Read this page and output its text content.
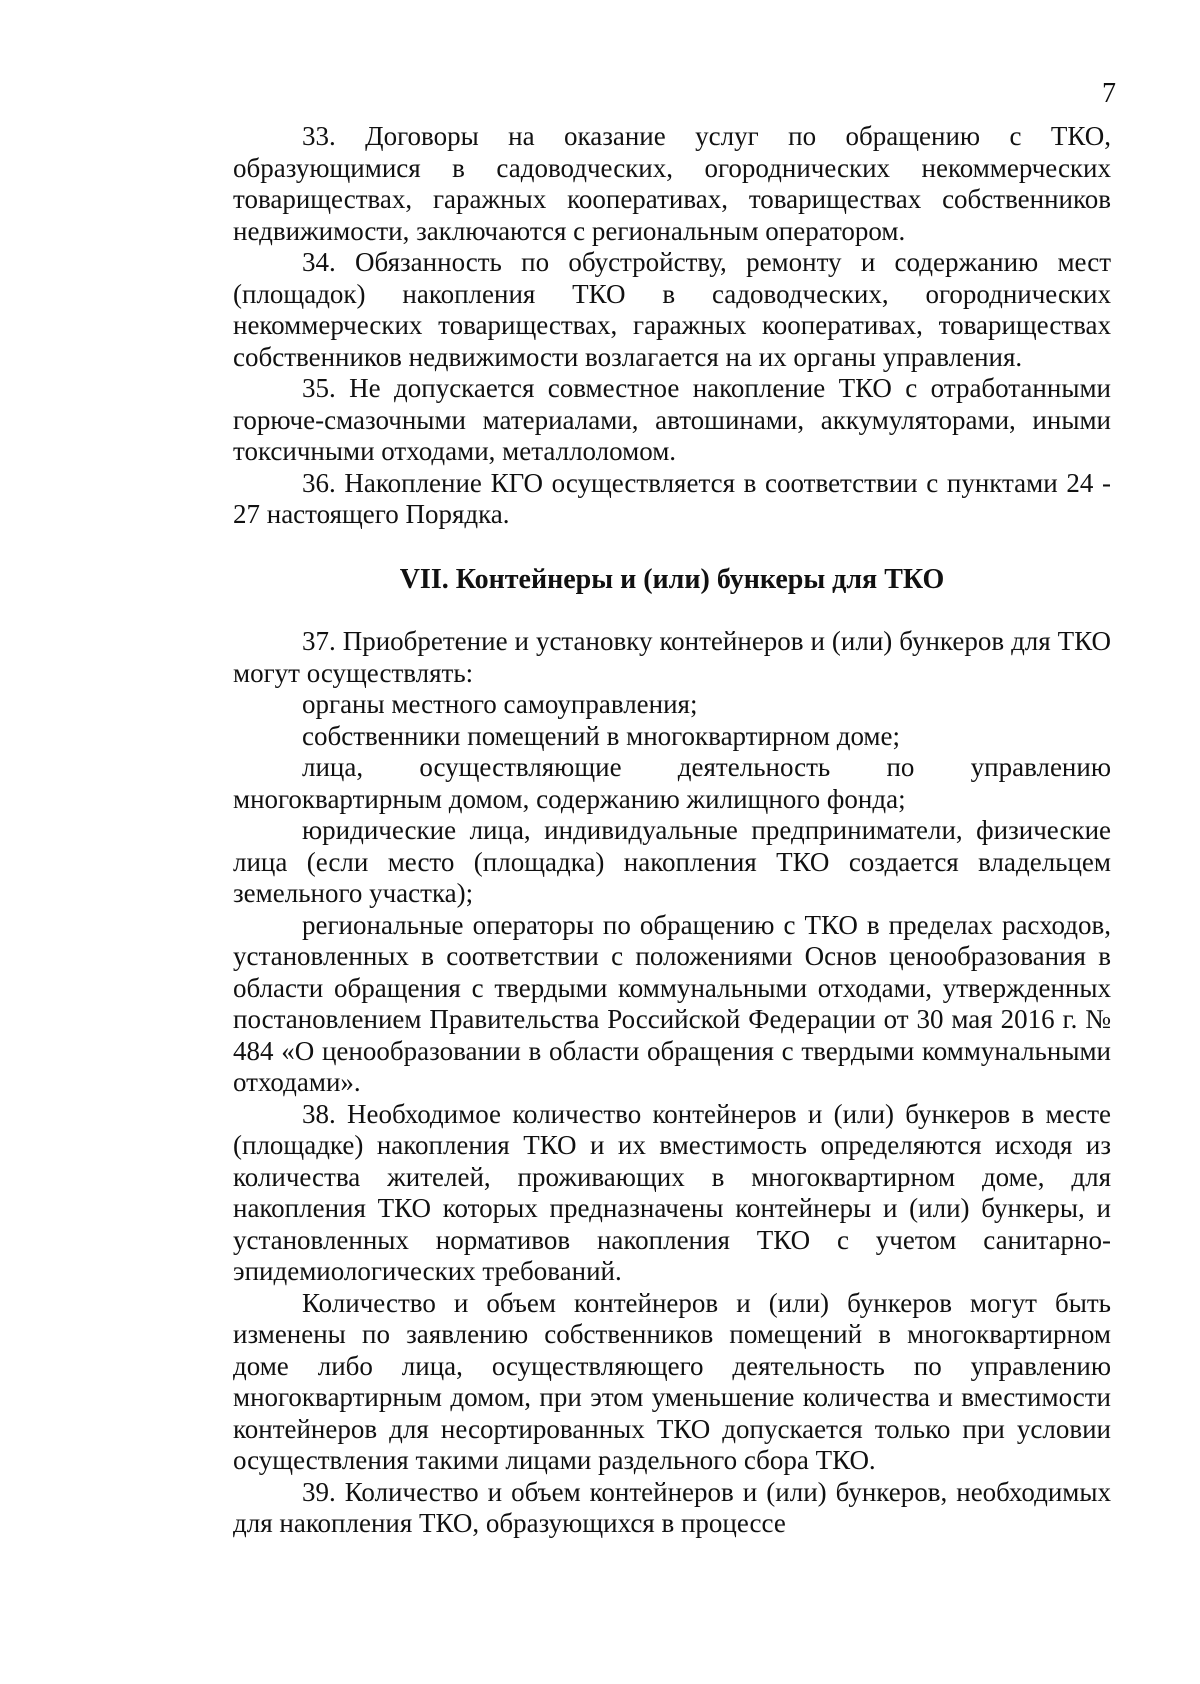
7

33. Договоры на оказание услуг по обращению с ТКО, образующимися в садоводческих, огороднических некоммерческих товариществах, гаражных кооперативах, товариществах собственников недвижимости, заключаются с региональным оператором.

34. Обязанность по обустройству, ремонту и содержанию мест (площадок) накопления ТКО в садоводческих, огороднических некоммерческих товариществах, гаражных кооперативах, товариществах собственников недвижимости возлагается на их органы управления.

35. Не допускается совместное накопление ТКО с отработанными горюче-смазочными материалами, автошинами, аккумуляторами, иными токсичными отходами, металлоломом.

36. Накопление КГО осуществляется в соответствии с пунктами 24 - 27 настоящего Порядка.

VII. Контейнеры и (или) бункеры для ТКО

37. Приобретение и установку контейнеров и (или) бункеров для ТКО могут осуществлять:

органы местного самоуправления;

собственники помещений в многоквартирном доме;

лица, осуществляющие деятельность по управлению многоквартирным домом, содержанию жилищного фонда;

юридические лица, индивидуальные предприниматели, физические лица (если место (площадка) накопления ТКО создается владельцем земельного участка);

региональные операторы по обращению с ТКО в пределах расходов, установленных в соответствии с положениями Основ ценообразования в области обращения с твердыми коммунальными отходами, утвержденных постановлением Правительства Российской Федерации от 30 мая 2016 г. № 484 «О ценообразовании в области обращения с твердыми коммунальными отходами».

38. Необходимое количество контейнеров и (или) бункеров в месте (площадке) накопления ТКО и их вместимость определяются исходя из количества жителей, проживающих в многоквартирном доме, для накопления ТКО которых предназначены контейнеры и (или) бункеры, и установленных нормативов накопления ТКО с учетом санитарно-эпидемиологических требований.

Количество и объем контейнеров и (или) бункеров могут быть изменены по заявлению собственников помещений в многоквартирном доме либо лица, осуществляющего деятельность по управлению многоквартирным домом, при этом уменьшение количества и вместимости контейнеров для несортированных ТКО допускается только при условии осуществления такими лицами раздельного сбора ТКО.

39. Количество и объем контейнеров и (или) бункеров, необходимых для накопления ТКО, образующихся в процессе
